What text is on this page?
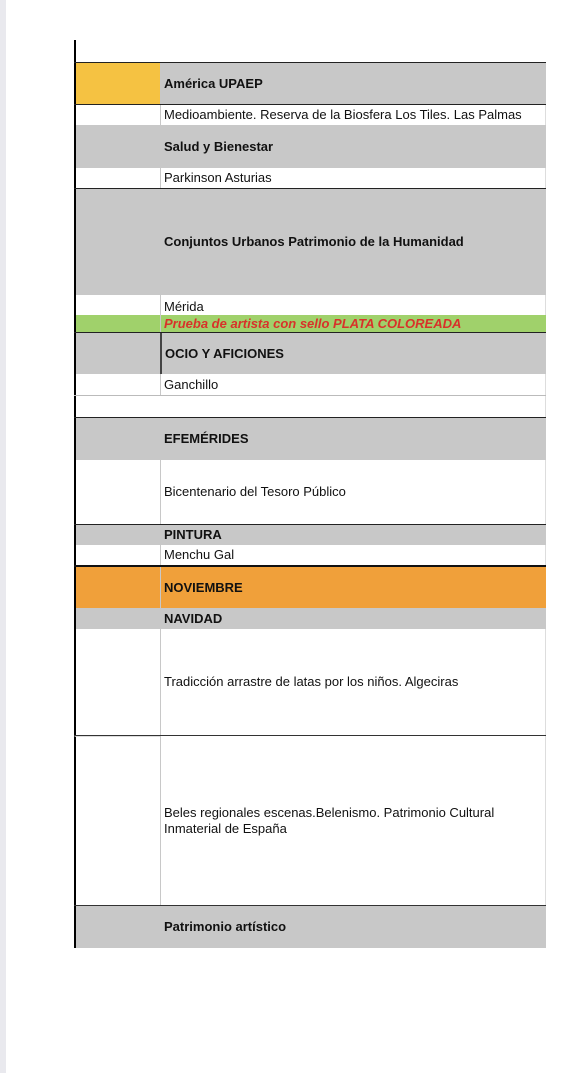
América UPAEP
Medioambiente. Reserva de la Biosfera Los Tiles. Las Palmas
Salud y Bienestar
Parkinson Asturias
Conjuntos Urbanos Patrimonio de la Humanidad
Mérida
Prueba de artista con sello PLATA COLOREADA
OCIO Y AFICIONES
Ganchillo
EFEMÉRIDES
Bicentenario del Tesoro Público
PINTURA
Menchu Gal
NOVIEMBRE
NAVIDAD
Tradicción arrastre de latas por los niños. Algeciras
Beles regionales escenas.Belenismo. Patrimonio Cultural Inmaterial de España
Patrimonio artístico
